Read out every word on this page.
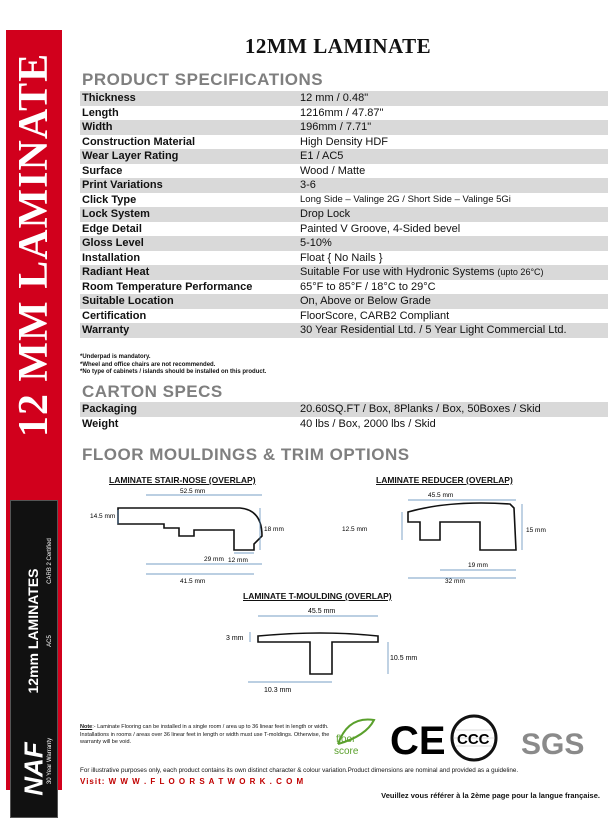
12 MM LAMINATE
NAF
12mm LAMINATES
30 Year Warranty
AC5
CARB 2 Certified
12MM LAMINATE
PRODUCT SPECIFICATIONS
Thickness	12 mm / 0.48"
Length	1216mm / 47.87"
Width	196mm / 7.71"
Construction Material	High Density HDF
Wear Layer Rating	E1 / AC5
Surface	Wood / Matte
Print Variations	3-6
Click Type	Long Side – Valinge 2G / Short Side – Valinge 5Gi
Lock System	Drop Lock
Edge Detail	Painted V Groove, 4-Sided bevel
Gloss Level	5-10%
Installation	Float { No Nails }
Radiant Heat	Suitable For use with Hydronic Systems (upto 26°C)
Room Temperature Performance	65°F to 85°F / 18°C to 29°C
Suitable Location	On, Above or Below Grade
Certification	FloorScore, CARB2 Compliant
Warranty	30 Year Residential Ltd. / 5 Year Light Commercial Ltd.
*Underpad is mandatory.
*Wheel and office chairs are not recommended.
*No type of cabinets / islands should be installed on this product.
CARTON SPECS
Packaging	20.60SQ.FT / Box, 8Planks / Box, 50Boxes / Skid
Weight	40 lbs / Box, 2000 lbs / Skid
FLOOR MOULDINGS & TRIM OPTIONS
LAMINATE STAIR-NOSE (OVERLAP)
52.5 mm
14.5 mm
18 mm
12 mm
29 mm
41.5 mm
LAMINATE REDUCER (OVERLAP)
45.5 mm
12.5 mm	15 mm
19 mm
32 mm
LAMINATE T-MOULDING (OVERLAP)
45.5 mm
3 mm
10.5 mm
10.3 mm
Note:- Laminate Flooring can be installed in a single room / area up to 36 linear feet in length or width. Installations in rooms / areas over 36 linear feet in length or width must use T-moldings. Otherwise, the warranty will be void.	floor
score CE CCC SGS
For illustrative purposes only, each product contains its own distinct character & colour variation.Product dimensions are nominal and provided as a guideline.
Visit: W W W . F L O O R S A T W O R K . C O M
Veuillez vous référer à la 2ème page pour la langue française.
